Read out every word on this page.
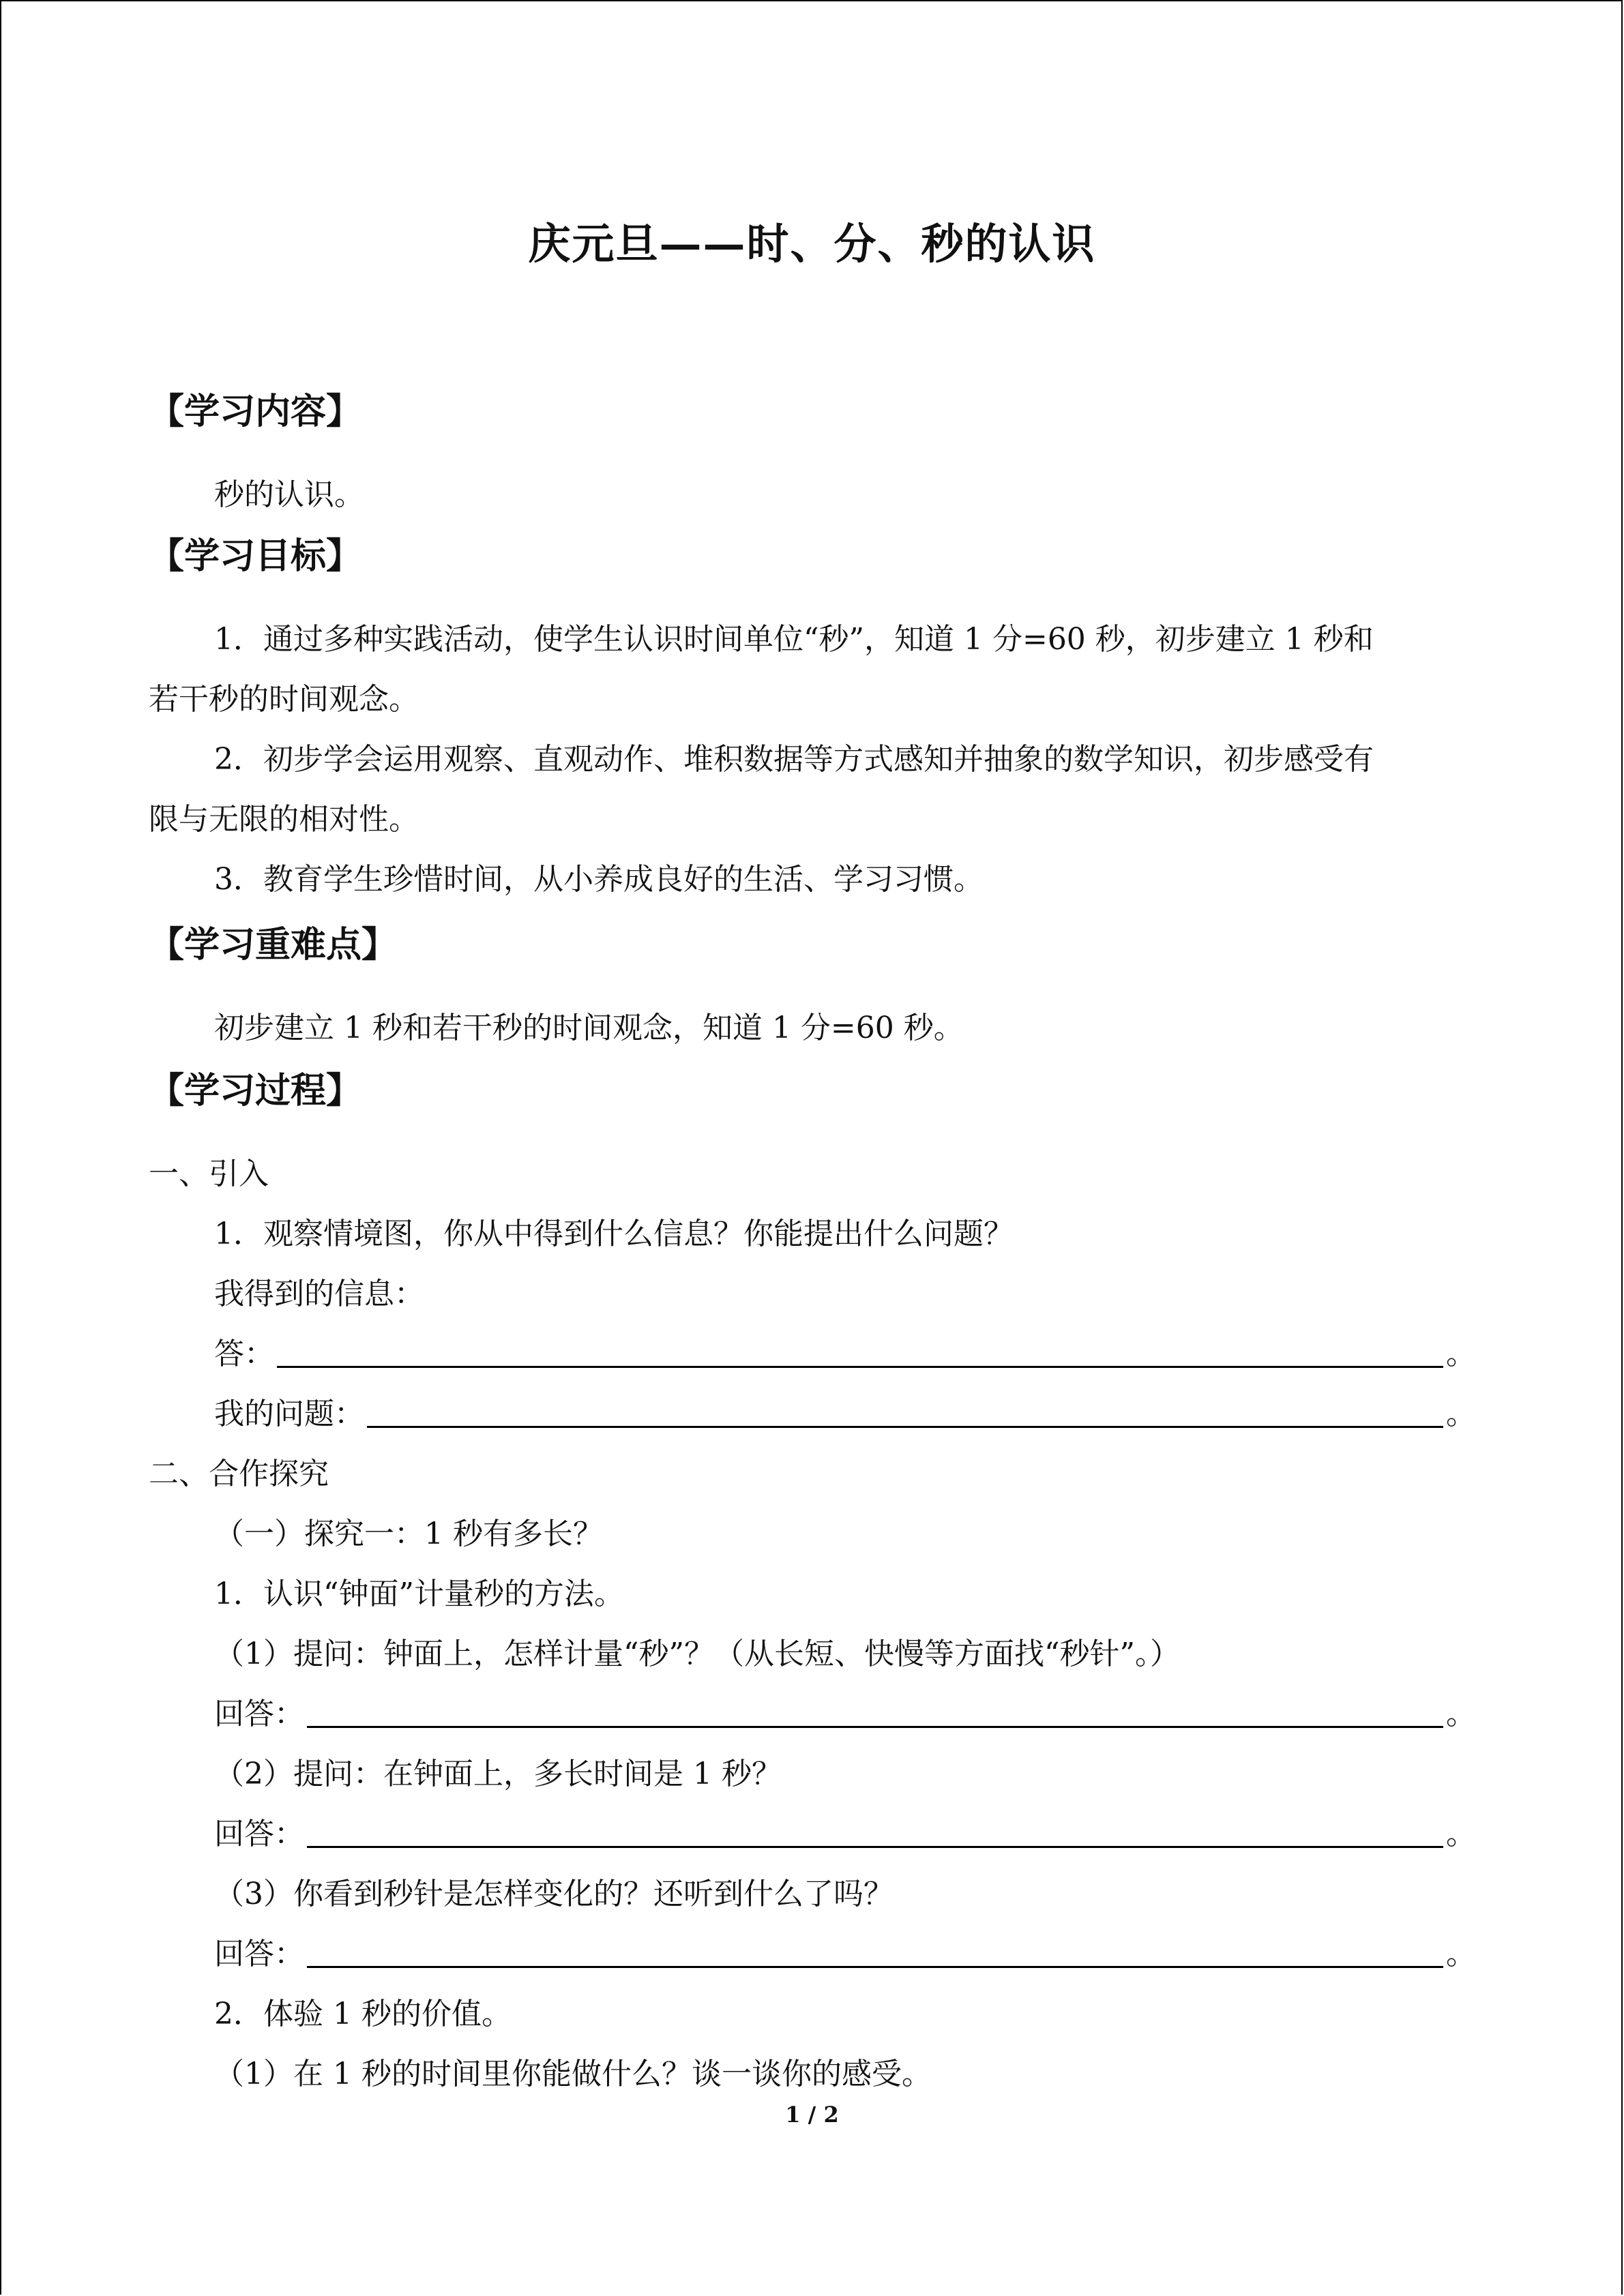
庆元旦——时、分、秒的认识
【学习内容】
秒的认识。
【学习目标】
1．通过多种实践活动，使学生认识时间单位“秒”，知道 1 分=60 秒，初步建立 1 秒和
若干秒的时间观念。
2．初步学会运用观察、直观动作、堆积数据等方式感知并抽象的数学知识，初步感受有
限与无限的相对性。
3．教育学生珍惜时间，从小养成良好的生活、学习习惯。
【学习重难点】
初步建立 1 秒和若干秒的时间观念，知道 1 分=60 秒。
【学习过程】
一、引入
1．观察情境图，你从中得到什么信息？你能提出什么问题？
我得到的信息：
答：	。
我的问题：	。
二、合作探究
（一）探究一：1 秒有多长？
1．认识“钟面”计量秒的方法。
（1）提问：钟面上，怎样计量“秒”？（从长短、快慢等方面找“秒针”。）
回答：	。
（2）提问：在钟面上，多长时间是 1 秒？
回答：	。
（3）你看到秒针是怎样变化的？还听到什么了吗？
回答：	。
2．体验 1 秒的价值。
（1）在 1 秒的时间里你能做什么？谈一谈你的感受。
1 / 2
